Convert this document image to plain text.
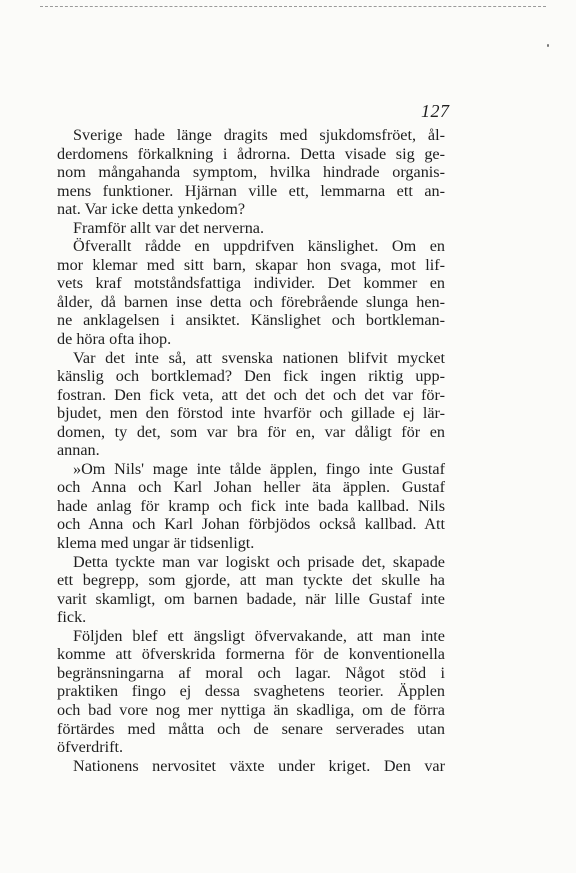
127
Sverige hade länge dragits med sjukdomsfröet, ål-
derdomens förkalkning i ådrorna. Detta visade sig ge-
nom mångahanda symptom, hvilka hindrade organis-
mens funktioner. Hjärnan ville ett, lemmarna ett an-
nat. Var icke detta ynkedom?
Framför allt var det nerverna.
Öfverallt rådde en uppdrifven känslighet. Om en
mor klemar med sitt barn, skapar hon svaga, mot lif-
vets kraf motståndsfattiga individer. Det kommer en
ålder, då barnen inse detta och förebrående slunga hen-
ne anklagelsen i ansiktet. Känslighet och bortkleman-
de höra ofta ihop.
Var det inte så, att svenska nationen blifvit mycket
känslig och bortklemad? Den fick ingen riktig upp-
fostran. Den fick veta, att det och det och det var för-
bjudet, men den förstod inte hvarför och gillade ej lär-
domen, ty det, som var bra för en, var dåligt för en
annan.
»Om Nils' mage inte tålde äpplen, fingo inte Gustaf
och Anna och Karl Johan heller äta äpplen. Gustaf
hade anlag för kramp och fick inte bada kallbad. Nils
och Anna och Karl Johan förbjödos också kallbad. Att
klema med ungar är tidsenligt.
Detta tyckte man var logiskt och prisade det, skapade
ett begrepp, som gjorde, att man tyckte det skulle ha
varit skamligt, om barnen badade, när lille Gustaf inte
fick.
Följden blef ett ängsligt öfvervakande, att man inte
komme att öfverskrida formerna för de konventionella
begränsningarna af moral och lagar. Något stöd i
praktiken fingo ej dessa svaghetens teorier. Äpplen
och bad vore nog mer nyttiga än skadliga, om de förra
förtärdes med måtta och de senare serverades utan
öfverdrift.
Nationens nervositet växte under kriget. Den var
